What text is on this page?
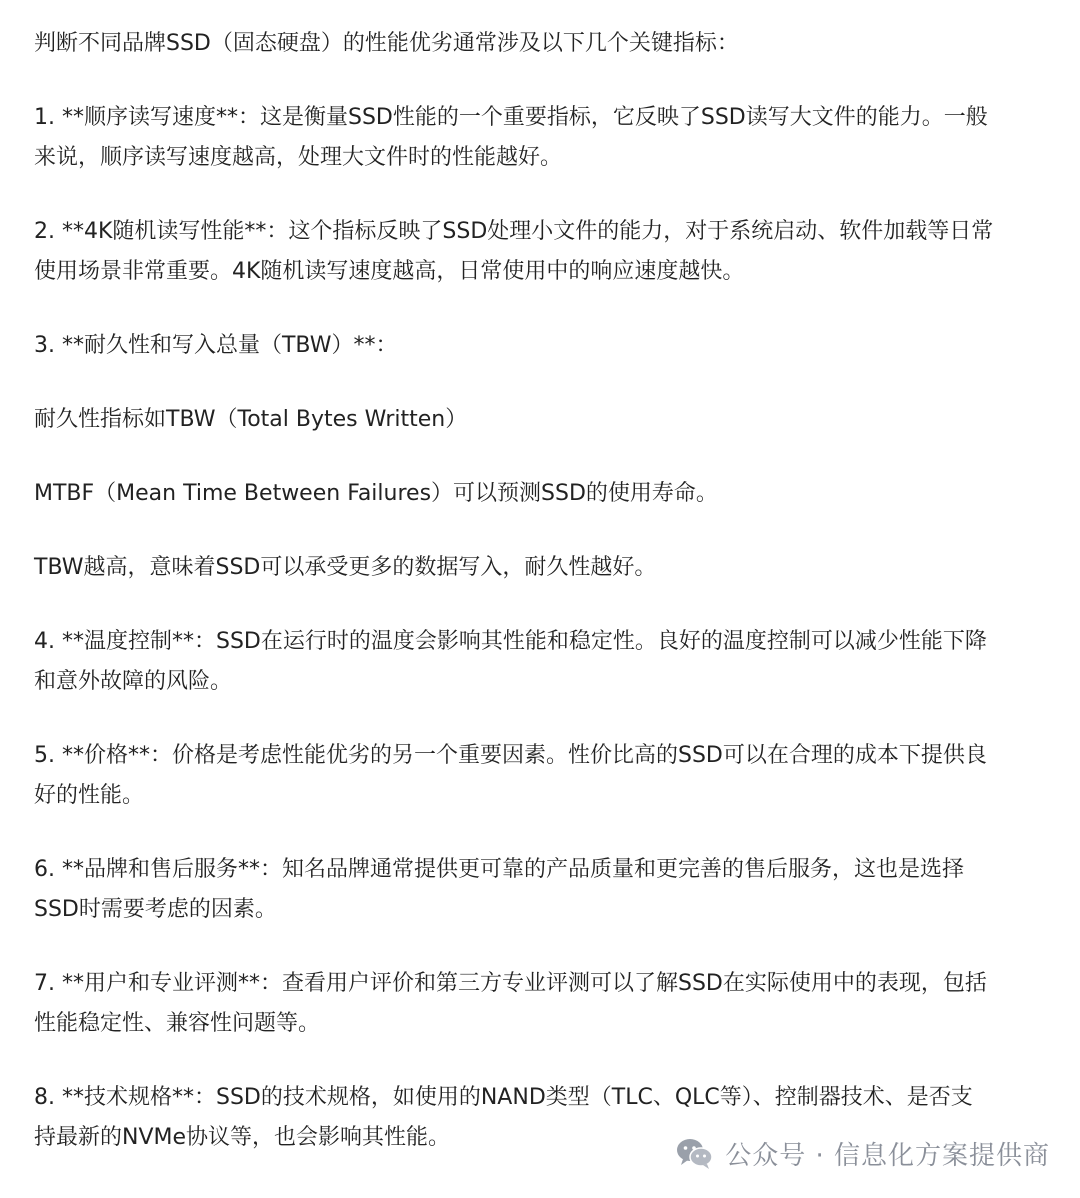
判断不同品牌SSD（固态硬盘）的性能优劣通常涉及以下几个关键指标：

1. **顺序读写速度**：这是衡量SSD性能的一个重要指标，它反映了SSD读写大文件的能力。一般
来说，顺序读写速度越高，处理大文件时的性能越好。

2. **4K随机读写性能**：这个指标反映了SSD处理小文件的能力，对于系统启动、软件加载等日常
使用场景非常重要。4K随机读写速度越高，日常使用中的响应速度越快。

3. **耐久性和写入总量（TBW）**：

耐久性指标如TBW（Total Bytes Written）

MTBF（Mean Time Between Failures）可以预测SSD的使用寿命。

TBW越高，意味着SSD可以承受更多的数据写入，耐久性越好。

4. **温度控制**：SSD在运行时的温度会影响其性能和稳定性。良好的温度控制可以减少性能下降
和意外故障的风险。

5. **价格**：价格是考虑性能优劣的另一个重要因素。性价比高的SSD可以在合理的成本下提供良
好的性能。

6. **品牌和售后服务**：知名品牌通常提供更可靠的产品质量和更完善的售后服务，这也是选择
SSD时需要考虑的因素。

7. **用户和专业评测**：查看用户评价和第三方专业评测可以了解SSD在实际使用中的表现，包括
性能稳定性、兼容性问题等。

8. **技术规格**：SSD的技术规格，如使用的NAND类型（TLC、QLC等）、控制器技术、是否支
持最新的NVMe协议等，也会影响其性能。

公众号 · 信息化方案提供商
